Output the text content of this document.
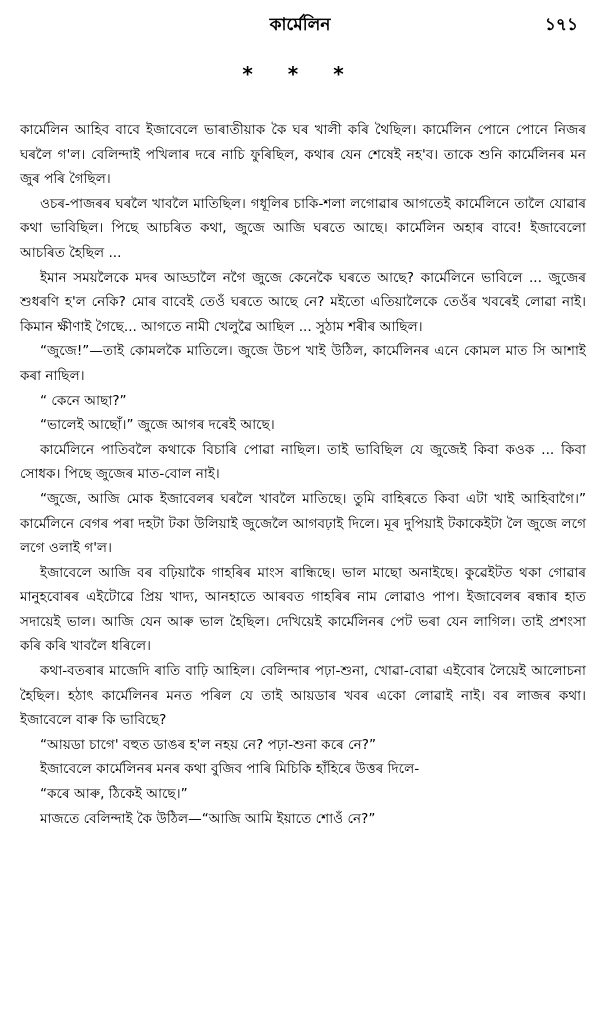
কাৰ্মেলিন	১৭১
* * *

কাৰ্মেলিন আহিব বাবে ইজাবেলে ভাৰাতীয়াক কৈ ঘৰ খালী কৰি থৈছিল। কাৰ্মেলিন পোনে পোনে নিজৰ ঘৰলৈ গ'ল। বেলিন্দাই পখিলাৰ দৰে নাচি ফুৰিছিল, কথাৰ যেন শেষেই নহ'ব। তাকে শুনি কাৰ্মেলিনৰ মন জুৰ পৰি গৈছিল।

ওচৰ-পাজৰৰ ঘৰলৈ খাবলৈ মাতিছিল। গধূলিৰ চাকি-শলা লগোৱাৰ আগতেই কাৰ্মেলিনে তালৈ যোৱাৰ কথা ভাবিছিল। পিছে আচৰিত কথা, জুজে আজি ঘৰতে আছে। কাৰ্মেলিন অহাৰ বাবে! ইজাবেলো আচৰিত হৈছিল ...

ইমান সময়লৈকে মদৰ আড্ডালৈ নগৈ জুজে কেনেকৈ ঘৰতে আছে? কাৰ্মেলিনে ভাবিলে ... জুজেৰ শুধৰণি হ'ল নেকি? মোৰ বাবেই তেওঁ ঘৰতে আছে নে? মইতো এতিয়ালৈকে তেওঁৰ খবৰেই লোৱা নাই। কিমান ক্ষীণাই গৈছে... আগতে নামী খেলুৱৈ আছিল ... সুঠাম শৰীৰ আছিল।

“জুজে!”—তাই কোমলকৈ মাতিলে। জুজে উচপ খাই উঠিল, কাৰ্মেলিনৰ এনে কোমল মাত সি আশাই কৰা নাছিল।

“ কেনে আছা?”

“ভালেই আছোঁ।” জুজে আগৰ দৰেই আছে।

কাৰ্মেলিনে পাতিবলৈ কথাকে বিচাৰি পোৱা নাছিল। তাই ভাবিছিল যে জুজেই কিবা কওক ... কিবা সোধক। পিছে জুজেৰ মাত-বোল নাই।

“জুজে, আজি মোক ইজাবেলৰ ঘৰলৈ খাবলৈ মাতিছে। তুমি বাহিৰতে কিবা এটা খাই আহিবাগৈ।” কাৰ্মেলিনে বেগৰ পৰা দহটা টকা উলিয়াই জুজেলৈ আগবঢ়াই দিলে। মূৰ দুপিয়াই টকাকেইটা লৈ জুজে লগে লগে ওলাই গ'ল।

ইজাবেলে আজি বৰ বঢ়িয়াকৈ গাহৰিৰ মাংস ৰান্ধিছে। ভাল মাছো অনাইছে। কুৱেইটত থকা গোৱাৰ মানুহবোৰৰ এইটোৱে প্ৰিয় খাদ্য, আনহাতে আৰবত গাহৰিৰ নাম লোৱাও পাপ। ইজাবেলৰ ৰন্ধাৰ হাত সদায়েই ভাল। আজি যেন আৰু ভাল হৈছিল। দেখিয়েই কাৰ্মেলিনৰ পেট ভৰা যেন লাগিল। তাই প্ৰশংসা কৰি কৰি খাবলৈ ধৰিলে।

কথা-বতৰাৰ মাজেদি ৰাতি বাঢ়ি আহিল। বেলিন্দাৰ পঢ়া-শুনা, খোৱা-বোৱা এইবোৰ লৈয়েই আলোচনা হৈছিল। হঠাৎ কাৰ্মেলিনৰ মনত পৰিল যে তাই আয়ডাৰ খবৰ একো লোৱাই নাই। বৰ লাজৰ কথা। ইজাবেলে বাৰু কি ভাবিছে?

“আয়ডা চাগে' বহুত ডাঙৰ হ'ল নহয় নে? পঢ়া-শুনা কৰে নে?”

ইজাবেলে কাৰ্মেলিনৰ মনৰ কথা বুজিব পাৰি মিচিকি হাঁহিৰে উত্তৰ দিলে-

“কৰে আৰু, ঠিকেই আছে।”

মাজতে বেলিন্দাই কৈ উঠিল—“আজি আমি ইয়াতে শোওঁ নে?”
